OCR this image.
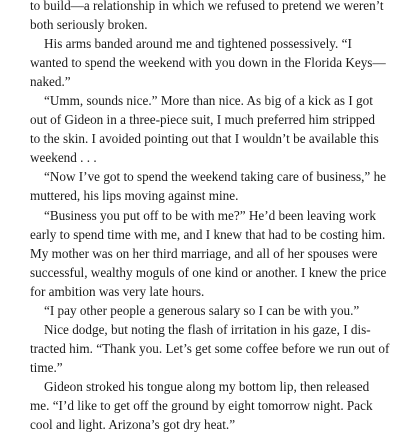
to build—a relationship in which we refused to pretend we weren’t
both seriously broken.
His arms banded around me and tightened possessively. “I
wanted to spend the weekend with you down in the Florida Keys—
naked.”
“Umm, sounds nice.” More than nice. As big of a kick as I got
out of Gideon in a three-piece suit, I much preferred him stripped
to the skin. I avoided pointing out that I wouldn’t be available this
weekend . . .
“Now I’ve got to spend the weekend taking care of business,” he
muttered, his lips moving against mine.
“Business you put off to be with me?” He’d been leaving work
early to spend time with me, and I knew that had to be costing him.
My mother was on her third marriage, and all of her spouses were
successful, wealthy moguls of one kind or another. I knew the price
for ambition was very late hours.
“I pay other people a generous salary so I can be with you.”
Nice dodge, but noting the flash of irritation in his gaze, I dis-
tracted him. “Thank you. Let’s get some coffee before we run out of
time.”
Gideon stroked his tongue along my bottom lip, then released
me. “I’d like to get off the ground by eight tomorrow night. Pack
cool and light. Arizona’s got dry heat.”
